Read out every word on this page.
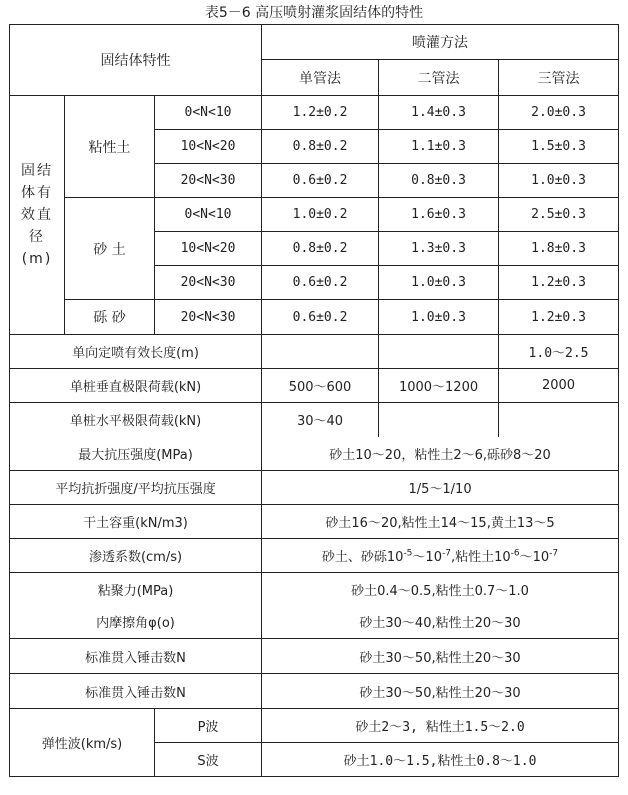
表5－6 高压喷射灌浆固结体的特性
固结体特性			喷灌方法		
			单管法	二管法	三管法
固结体有效直径(m)	粘性土	0<N<10	1.2±0.2	1.4±0.3	2.0±0.3
		10<N<20	0.8±0.2	1.1±0.3	1.5±0.3
		20<N<30	0.6±0.2	0.8±0.3	1.0±0.3
	砂 土	0<N<10	1.0±0.2	1.6±0.3	2.5±0.3
		10<N<20	0.8±0.2	1.3±0.3	1.8±0.3
		20<N<30	0.6±0.2	1.0±0.3	1.2±0.3
	砾 砂	20<N<30	0.6±0.2	1.0±0.3	1.2±0.3
单向定喷有效长度(m)					1.0～2.5
单桩垂直极限荷载(kN)			500～600	1000～1200	2000
单桩水平极限荷载(kN)			30～40		
最大抗压强度(MPa)			砂土10～20，粘性土2～6,砾砂8～20		
平均抗折强度/平均抗压强度			1/5～1/10		
干土容重(kN/m3)			砂土16～20,粘性土14～15,黄土13～5		
渗透系数(cm/s)			砂土、砂砾$10^{-5}\sim 10^{-7}$,粘性土$10^{-6}\sim 10^{-7}$
粘聚力(MPa)			砂土0.4～0.5,粘性土0.7～1.0		
内摩擦角φ(o)			砂土30～40,粘性土20～30		
标准贯入锤击数N			砂土30～50,粘性土20～30		
标准贯入锤击数N			砂土30～50,粘性土20～30		
弹性波(km/s)		P波	砂土2～3, 粘性土1.5～2.0		
		S波	砂土1.0～1.5,粘性土0.8～1.0		
